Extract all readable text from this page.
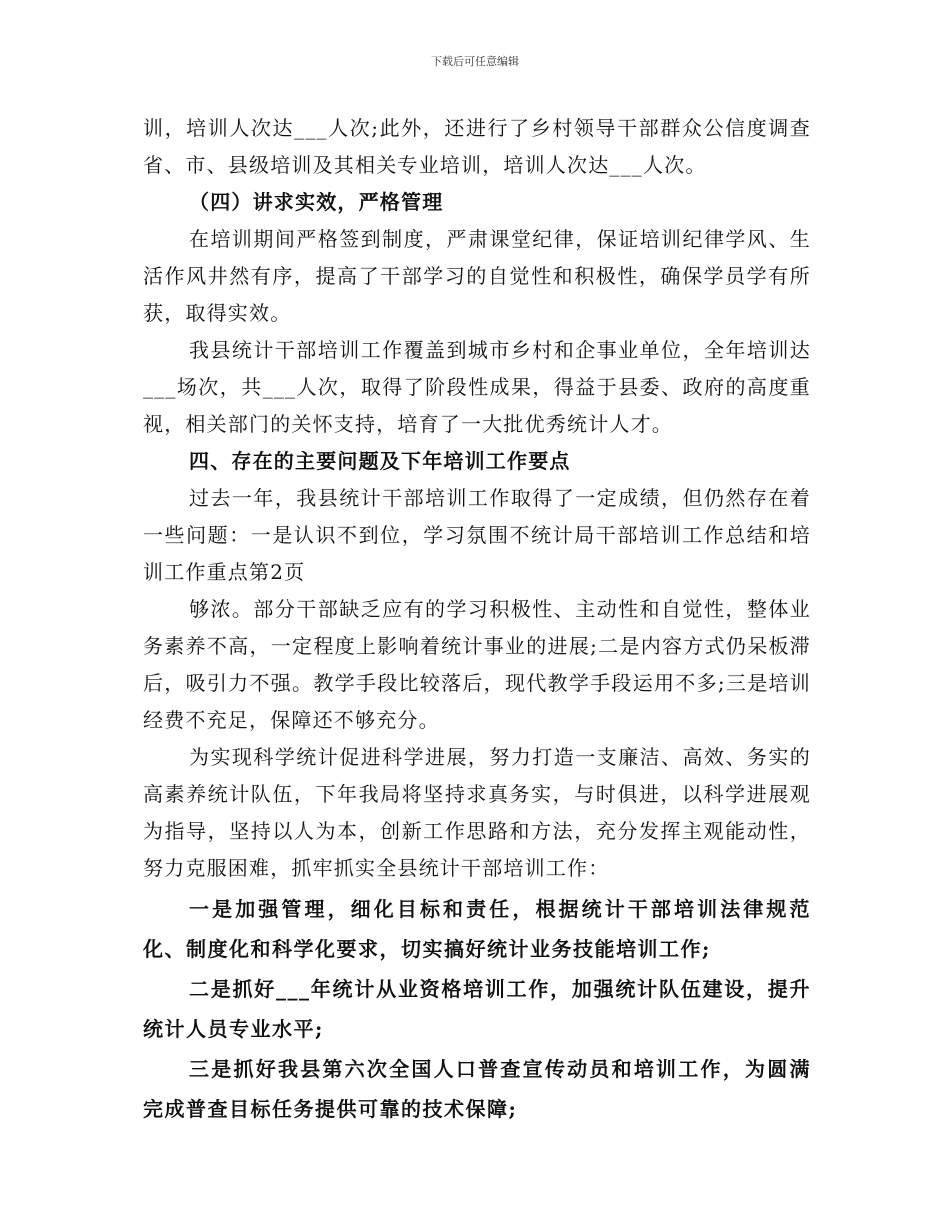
下载后可任意编辑

训，培训人次达___人次;此外，还进行了乡村领导干部群众公信度调查省、市、县级培训及其相关专业培训，培训人次达___人次。

（四）讲求实效，严格管理

在培训期间严格签到制度，严肃课堂纪律，保证培训纪律学风、生活作风井然有序，提高了干部学习的自觉性和积极性，确保学员学有所获，取得实效。

我县统计干部培训工作覆盖到城市乡村和企事业单位，全年培训达___场次，共___人次，取得了阶段性成果，得益于县委、政府的高度重视，相关部门的关怀支持，培育了一大批优秀统计人才。

四、存在的主要问题及下年培训工作要点

过去一年，我县统计干部培训工作取得了一定成绩，但仍然存在着一些问题：一是认识不到位，学习氛围不统计局干部培训工作总结和培训工作重点第2页

够浓。部分干部缺乏应有的学习积极性、主动性和自觉性，整体业务素养不高，一定程度上影响着统计事业的进展;二是内容方式仍呆板滞后，吸引力不强。教学手段比较落后，现代教学手段运用不多;三是培训经费不充足，保障还不够充分。

为实现科学统计促进科学进展，努力打造一支廉洁、高效、务实的高素养统计队伍，下年我局将坚持求真务实，与时俱进，以科学进展观为指导，坚持以人为本，创新工作思路和方法，充分发挥主观能动性，努力克服困难，抓牢抓实全县统计干部培训工作：

一是加强管理，细化目标和责任，根据统计干部培训法律规范化、制度化和科学化要求，切实搞好统计业务技能培训工作;

二是抓好___年统计从业资格培训工作，加强统计队伍建设，提升统计人员专业水平;

三是抓好我县第六次全国人口普查宣传动员和培训工作，为圆满完成普查目标任务提供可靠的技术保障;
